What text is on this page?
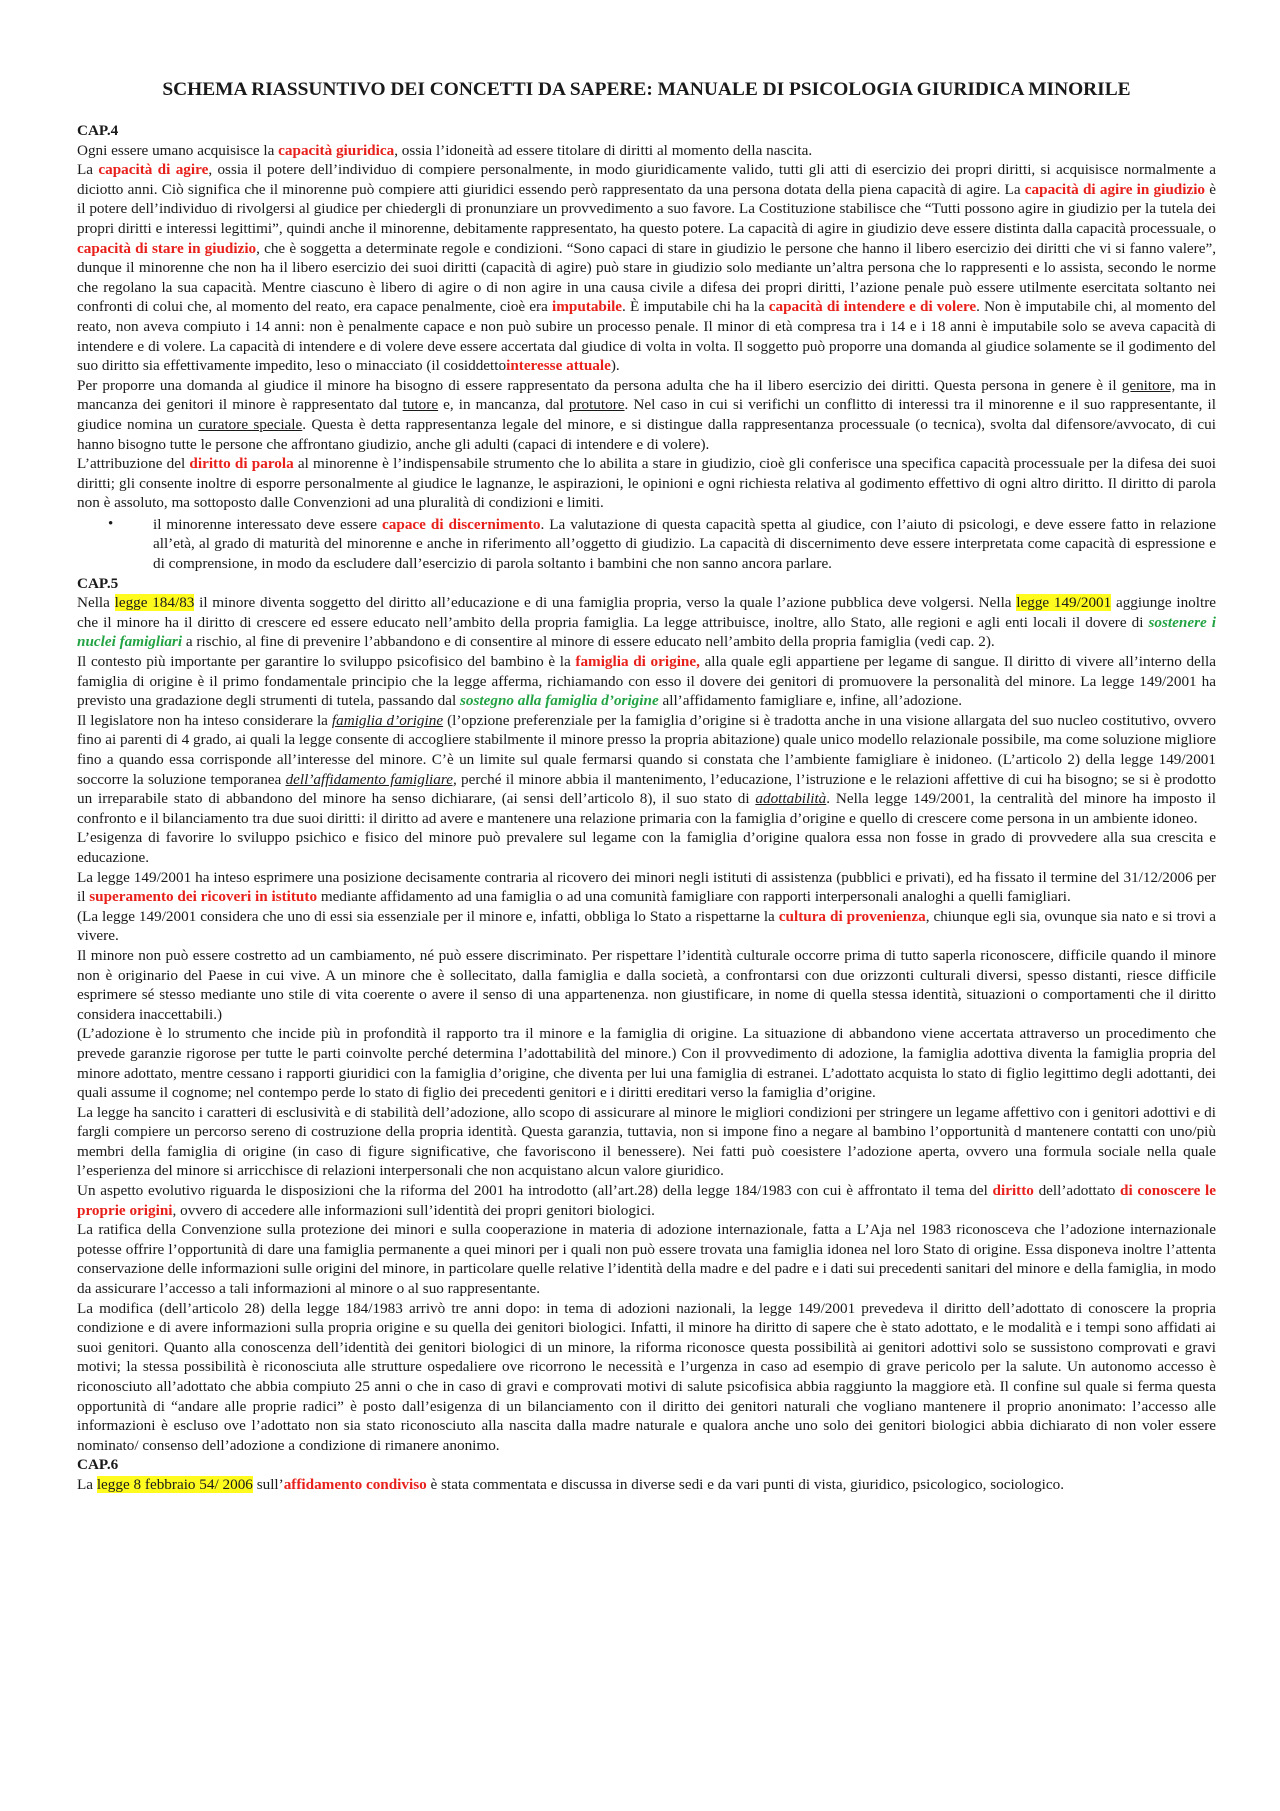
SCHEMA RIASSUNTIVO DEI CONCETTI DA SAPERE: MANUALE DI PSICOLOGIA GIURIDICA MINORILE

CAP.4

Ogni essere umano acquisisce la capacità giuridica, ossia l’idoneità ad essere titolare di diritti al momento della nascita.

La capacità di agire, ossia il potere dell’individuo di compiere personalmente, in modo giuridicamente valido, tutti gli atti di esercizio dei propri diritti, si acquisisce normalmente a diciotto anni. Ciò significa che il minorenne può compiere atti giuridici essendo però rappresentato da una persona dotata della piena capacità di agire. La capacità di agire in giudizio è il potere dell’individuo di rivolgersi al giudice per chiedergli di pronunziare un provvedimento a suo favore. La Costituzione stabilisce che “Tutti possono agire in giudizio per la tutela dei propri diritti e interessi legittimi”, quindi anche il minorenne, debitamente rappresentato, ha questo potere. La capacità di agire in giudizio deve essere distinta dalla capacità processuale, o capacità di stare in giudizio, che è soggetta a determinate regole e condizioni. “Sono capaci di stare in giudizio le persone che hanno il libero esercizio dei diritti che vi si fanno valere”, dunque il minorenne che non ha il libero esercizio dei suoi diritti (capacità di agire) può stare in giudizio solo mediante un’altra persona che lo rappresenti e lo assista, secondo le norme che regolano la sua capacità. Mentre ciascuno è libero di agire o di non agire in una causa civile a difesa dei propri diritti, l’azione penale può essere utilmente esercitata soltanto nei confronti di colui che, al momento del reato, era capace penalmente, cioè era imputabile. È imputabile chi ha la capacità di intendere e di volere. Non è imputabile chi, al momento del reato, non aveva compiuto i 14 anni: non è penalmente capace e non può subire un processo penale. Il minor di età compresa tra i 14 e i 18 anni è imputabile solo se aveva capacità di intendere e di volere. La capacità di intendere e di volere deve essere accertata dal giudice di volta in volta. Il soggetto può proporre una domanda al giudice solamente se il godimento del suo diritto sia effettivamente impedito, leso o minacciato (il cosiddettointeresse attuale).

Per proporre una domanda al giudice il minore ha bisogno di essere rappresentato da persona adulta che ha il libero esercizio dei diritti. Questa persona in genere è il genitore, ma in mancanza dei genitori il minore è rappresentato dal tutore e, in mancanza, dal protutore. Nel caso in cui si verifichi un conflitto di interessi tra il minorenne e il suo rappresentante, il giudice nomina un curatore speciale. Questa è detta rappresentanza legale del minore, e si distingue dalla rappresentanza processuale (o tecnica), svolta dal difensore/avvocato, di cui hanno bisogno tutte le persone che affrontano giudizio, anche gli adulti (capaci di intendere e di volere).

L’attribuzione del diritto di parola al minorenne è l’indispensabile strumento che lo abilita a stare in giudizio, cioè gli conferisce una specifica capacità processuale per la difesa dei suoi diritti; gli consente inoltre di esporre personalmente al giudice le lagnanze, le aspirazioni, le opinioni e ogni richiesta relativa al godimento effettivo di ogni altro diritto. Il diritto di parola non è assoluto, ma sottoposto dalle Convenzioni ad una pluralità di condizioni e limiti.

•	il minorenne interessato deve essere capace di discernimento. La valutazione di questa capacità spetta al giudice, con l’aiuto di psicologi, e deve essere fatto in relazione all’età, al grado di maturità del minorenne e anche in riferimento all’oggetto di giudizio. La capacità di discernimento deve essere interpretata come capacità di espressione e di comprensione, in modo da escludere dall’esercizio di parola soltanto i bambini che non sanno ancora parlare.

CAP.5

Nella legge 184/83 il minore diventa soggetto del diritto all’educazione e di una famiglia propria, verso la quale l’azione pubblica deve volgersi. Nella legge 149/2001 aggiunge inoltre che il minore ha il diritto di crescere ed essere educato nell’ambito della propria famiglia. La legge attribuisce, inoltre, allo Stato, alle regioni e agli enti locali il dovere di sostenere i nuclei famigliari a rischio, al fine di prevenire l’abbandono e di consentire al minore di essere educato nell’ambito della propria famiglia (vedi cap. 2).

Il contesto più importante per garantire lo sviluppo psicofisico del bambino è la famiglia di origine, alla quale egli appartiene per legame di sangue. Il diritto di vivere all’interno della famiglia di origine è il primo fondamentale principio che la legge afferma, richiamando con esso il dovere dei genitori di promuovere la personalità del minore. La legge 149/2001 ha previsto una gradazione degli strumenti di tutela, passando dal sostegno alla famiglia d’origine all’affidamento famigliare e, infine, all’adozione.

Il legislatore non ha inteso considerare la famiglia d’origine (l’opzione preferenziale per la famiglia d’origine si è tradotta anche in una visione allargata del suo nucleo costitutivo, ovvero fino ai parenti di 4 grado, ai quali la legge consente di accogliere stabilmente il minore presso la propria abitazione) quale unico modello relazionale possibile, ma come soluzione migliore fino a quando essa corrisponde all’interesse del minore. C’è un limite sul quale fermarsi quando si constata che l’ambiente famigliare è inidoneo. (L’articolo 2) della legge 149/2001 soccorre la soluzione temporanea dell’affidamento famigliare, perché il minore abbia il mantenimento, l’educazione, l’istruzione e le relazioni affettive di cui ha bisogno; se si è prodotto un irreparabile stato di abbandono del minore ha senso dichiarare, (ai sensi dell’articolo 8), il suo stato di adottabilità. Nella legge 149/2001, la centralità del minore ha imposto il confronto e il bilanciamento tra due suoi diritti: il diritto ad avere e mantenere una relazione primaria con la famiglia d’origine e quello di crescere come persona in un ambiente idoneo.

L’esigenza di favorire lo sviluppo psichico e fisico del minore può prevalere sul legame con la famiglia d’origine qualora essa non fosse in grado di provvedere alla sua crescita e educazione.

La legge 149/2001 ha inteso esprimere una posizione decisamente contraria al ricovero dei minori negli istituti di assistenza (pubblici e privati), ed ha fissato il termine del 31/12/2006 per il superamento dei ricoveri in istituto mediante affidamento ad una famiglia o ad una comunità famigliare con rapporti interpersonali analoghi a quelli famigliari.

(La legge 149/2001 considera che uno di essi sia essenziale per il minore e, infatti, obbliga lo Stato a rispettarne la cultura di provenienza, chiunque egli sia, ovunque sia nato e si trovi a vivere.

Il minore non può essere costretto ad un cambiamento, né può essere discriminato. Per rispettare l’identità culturale occorre prima di tutto saperla riconoscere, difficile quando il minore non è originario del Paese in cui vive. A un minore che è sollecitato, dalla famiglia e dalla società, a confrontarsi con due orizzonti culturali diversi, spesso distanti, riesce difficile esprimere sé stesso mediante uno stile di vita coerente o avere il senso di una appartenenza. non giustificare, in nome di quella stessa identità, situazioni o comportamenti che il diritto considera inaccettabili.)

(L’adozione è lo strumento che incide più in profondità il rapporto tra il minore e la famiglia di origine. La situazione di abbandono viene accertata attraverso un procedimento che prevede garanzie rigorose per tutte le parti coinvolte perché determina l’adottabilità del minore.) Con il provvedimento di adozione, la famiglia adottiva diventa la famiglia propria del minore adottato, mentre cessano i rapporti giuridici con la famiglia d’origine, che diventa per lui una famiglia di estranei. L’adottato acquista lo stato di figlio legittimo degli adottanti, dei quali assume il cognome; nel contempo perde lo stato di figlio dei precedenti genitori e i diritti ereditari verso la famiglia d’origine.

La legge ha sancito i caratteri di esclusività e di stabilità dell’adozione, allo scopo di assicurare al minore le migliori condizioni per stringere un legame affettivo con i genitori adottivi e di fargli compiere un percorso sereno di costruzione della propria identità. Questa garanzia, tuttavia, non si impone fino a negare al bambino l’opportunità d mantenere contatti con uno/più membri della famiglia di origine (in caso di figure significative, che favoriscono il benessere). Nei fatti può coesistere l’adozione aperta, ovvero una formula sociale nella quale l’esperienza del minore si arricchisce di relazioni interpersonali che non acquistano alcun valore giuridico.

Un aspetto evolutivo riguarda le disposizioni che la riforma del 2001 ha introdotto (all’art.28) della legge 184/1983 con cui è affrontato il tema del diritto dell’adottato di conoscere le proprie origini, ovvero di accedere alle informazioni sull’identità dei propri genitori biologici.

La ratifica della Convenzione sulla protezione dei minori e sulla cooperazione in materia di adozione internazionale, fatta a L’Aja nel 1983 riconosceva che l’adozione internazionale potesse offrire l’opportunità di dare una famiglia permanente a quei minori per i quali non può essere trovata una famiglia idonea nel loro Stato di origine. Essa disponeva inoltre l’attenta conservazione delle informazioni sulle origini del minore, in particolare quelle relative l’identità della madre e del padre e i dati sui precedenti sanitari del minore e della famiglia, in modo da assicurare l’accesso a tali informazioni al minore o al suo rappresentante.

La modifica (dell’articolo 28) della legge 184/1983 arrivò tre anni dopo: in tema di adozioni nazionali, la legge 149/2001 prevedeva il diritto dell’adottato di conoscere la propria condizione e di avere informazioni sulla propria origine e su quella dei genitori biologici. Infatti, il minore ha diritto di sapere che è stato adottato, e le modalità e i tempi sono affidati ai suoi genitori. Quanto alla conoscenza dell’identità dei genitori biologici di un minore, la riforma riconosce questa possibilità ai genitori adottivi solo se sussistono comprovati e gravi motivi; la stessa possibilità è riconosciuta alle strutture ospedaliere ove ricorrono le necessità e l’urgenza in caso ad esempio di grave pericolo per la salute. Un autonomo accesso è riconosciuto all’adottato che abbia compiuto 25 anni o che in caso di gravi e comprovati motivi di salute psicofisica abbia raggiunto la maggiore età. Il confine sul quale si ferma questa opportunità di “andare alle proprie radici” è posto dall’esigenza di un bilanciamento con il diritto dei genitori naturali che vogliano mantenere il proprio anonimato: l’accesso alle informazioni è escluso ove l’adottato non sia stato riconosciuto alla nascita dalla madre naturale e qualora anche uno solo dei genitori biologici abbia dichiarato di non voler essere nominato/ consenso dell’adozione a condizione di rimanere anonimo.

CAP.6

La legge 8 febbraio 54/ 2006 sull’affidamento condiviso è stata commentata e discussa in diverse sedi e da vari punti di vista, giuridico, psicologico, sociologico.
